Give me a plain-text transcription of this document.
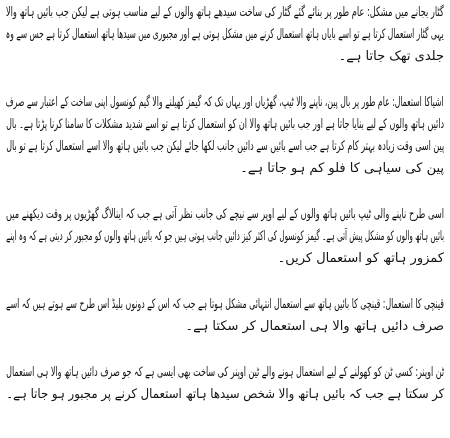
گٹار بجانے میں مشکل: عام طور پر بنائے گئے گٹار کی ساخت سیدھے ہاتھ والوں کے لیے مناسب ہوتی ہے لیکن جب بائیں ہاتھ والا
یہی گٹار استعمال کرتا ہے تو اسے بایاں ہاتھ استعمال کرنے میں مشکل ہوتی ہے اور مجبوری میں سیدھا ہاتھ استعمال کرتا ہے جس سے وہ
جلدی تھک جاتا ہے۔
اشیاکا استعمال: عام طور پر بال پین، ناپنے والا ٹیپ، گھڑیاں اور یہاں تک کہ گیمز کھیلنے والا گیم کونسول اپنی ساخت کے اعتبار سے صرف
دائیں ہاتھ والوں کے لیے بنایا جاتا ہے اور جب بائیں ہاتھ والا ان کو استعمال کرتا ہے تو اسے شدید مشکلات کا سامنا کرنا پڑتا ہے۔ بال
پین اسی وقت زیادہ بہتر کام کرتا ہے جب اسے بائیں سے دائیں جانب لکھا جائے لیکن جب بائیں ہاتھ والا اسے استعمال کرتا ہے تو بال
پین کی سیاہی کا فلو کم ہو جاتا ہے۔
اسی طرح ناپنے والی ٹیپ بائیں ہاتھ والوں کے لیے اوپر سے نیچے کی جانب نظر آتی ہے جب کہ اینالاگ گھڑیوں پر وقت دیکھنے میں
بائیں ہاتھ والوں کو مشکل پیش آتی ہے۔ گیمز کونسول کی اکثر کیز دائیں جانب ہوتی ہیں جو کہ بائیں ہاتھ والوں کو مجبور کر دیتی ہے کہ وہ اپنے
کمزور ہاتھ کو استعمال کریں۔
قینچی کا استعمال: قینچی کا بائیں ہاتھ سے استعمال انتہائی مشکل ہوتا ہے جب کہ اس کے دونوں بلیڈ اس طرح سے ہوتے ہیں کہ اسے
صرف دائیں ہاتھ والا ہی استعمال کر سکتا ہے۔
ٹن اوپنر: کسی ٹن کو کھولنے کے لیے استعمال ہونے والے ٹین اوپنر کی ساخت بھی ایسی ہے کہ جو صرف دائیں ہاتھ والا ہی استعمال
کر سکتا ہے جب کہ بائیں ہاتھ والا شخص سیدھا ہاتھ استعمال کرنے پر مجبور ہو جاتا ہے۔
